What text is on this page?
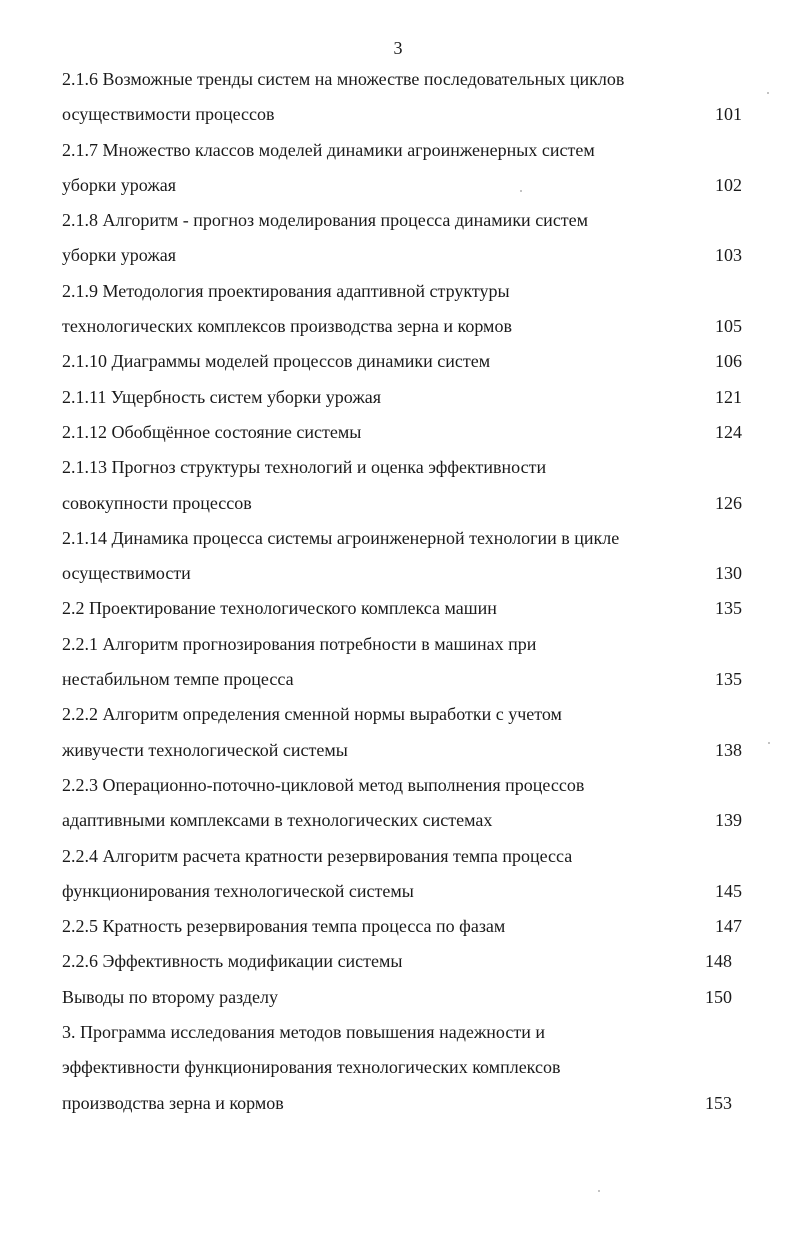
3
2.1.6 Возможные тренды систем на множестве последовательных циклов
осуществимости процессов	101
2.1.7 Множество классов моделей динамики агроинженерных систем
уборки урожая	102
2.1.8 Алгоритм - прогноз моделирования процесса динамики систем
уборки урожая	103
2.1.9 Методология проектирования адаптивной структуры
технологических комплексов производства зерна и кормов	105
2.1.10 Диаграммы моделей процессов динамики систем	106
2.1.11 Ущербность систем уборки урожая	121
2.1.12 Обобщённое состояние системы	124
2.1.13 Прогноз структуры технологий и оценка эффективности
совокупности процессов	126
2.1.14 Динамика процесса системы агроинженерной технологии в цикле
осуществимости	130
2.2 Проектирование технологического комплекса машин	135
2.2.1 Алгоритм прогнозирования потребности в машинах при
нестабильном темпе процесса	135
2.2.2 Алгоритм определения сменной нормы выработки с учетом
живучести технологической системы	138
2.2.3 Операционно-поточно-цикловой метод выполнения процессов
адаптивными комплексами в технологических системах	139
2.2.4 Алгоритм расчета кратности резервирования темпа процесса
функционирования технологической системы	145
2.2.5 Кратность резервирования темпа процесса по фазам	147
2.2.6 Эффективность модификации системы	148
Выводы по второму разделу	150
3. Программа исследования методов повышения надежности и
эффективности функционирования технологических комплексов
производства зерна и кормов	153
